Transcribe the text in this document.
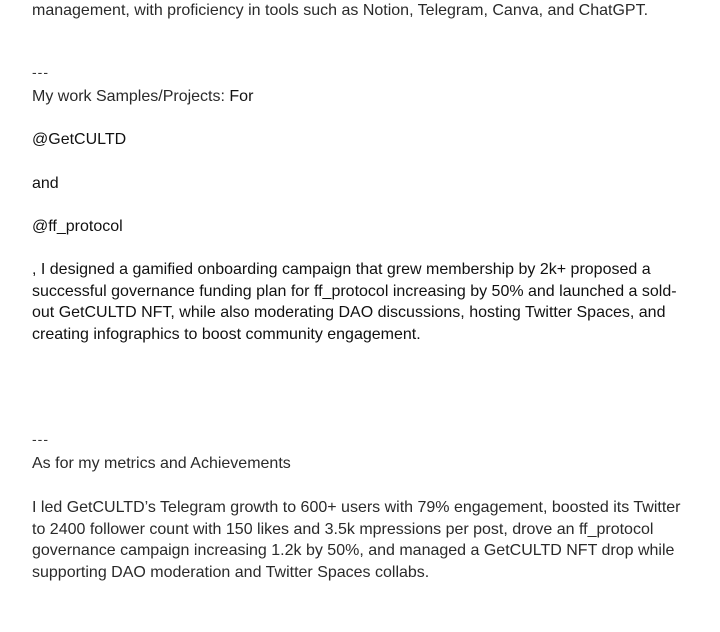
management, with proficiency in tools such as Notion, Telegram, Canva, and ChatGPT.
---
My work Samples/Projects: For
@GetCULTD
and
@ff_protocol
, I designed a gamified onboarding campaign that grew membership by 2k+ proposed a successful governance funding plan for ff_protocol increasing by 50% and launched a sold-out GetCULTD NFT, while also moderating DAO discussions, hosting Twitter Spaces, and creating infographics to boost community engagement.
---
As for my metrics and Achievements
I led GetCULTD’s Telegram growth to 600+ users with 79% engagement, boosted its Twitter to 2400 follower count with 150 likes and 3.5k mpressions per post, drove an ff_protocol governance campaign increasing 1.2k by 50%, and managed a GetCULTD NFT drop while supporting DAO moderation and Twitter Spaces collabs.
